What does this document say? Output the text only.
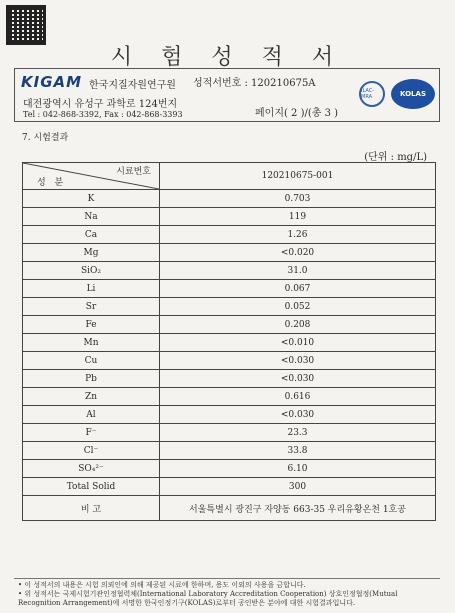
시 험 성 적 서
KIGAM 한국지질자원연구원
대전광역시 유성구 과학로 124번지
Tel : 042-868-3392, Fax : 042-868-3393
성적서번호 : 120210675A
페이지( 2 )/(총 3 )
ILAC-MRA	KOLAS
7. 시험결과
(단위 : mg/L)
시료번호
성 분	120210675-001
K	0.703
Na	119
Ca	1.26
Mg	<0.020
SiO₂	31.0
Li	0.067
Sr	0.052
Fe	0.208
Mn	<0.010
Cu	<0.030
Pb	<0.030
Zn	0.616
Al	<0.030
F⁻	23.3
Cl⁻	33.8
SO₄²⁻	6.10
Total Solid	300
비 고	서울특별시 광진구 자양동 663-35 우리유황온천 1호공
• 이 성적서의 내용은 시험 의뢰인에 의해 제공된 시료에 한하며, 용도 이외의 사용을 금합니다.
• 위 성적서는 국제시험기관인정협력체(International Laboratory Accreditation Cooperation) 상호인정협정(Mutual
Recognition Arrangement)에 서명한 한국인정기구(KOLAS)로부터 공인받은 분야에 대한 시험결과입니다.
